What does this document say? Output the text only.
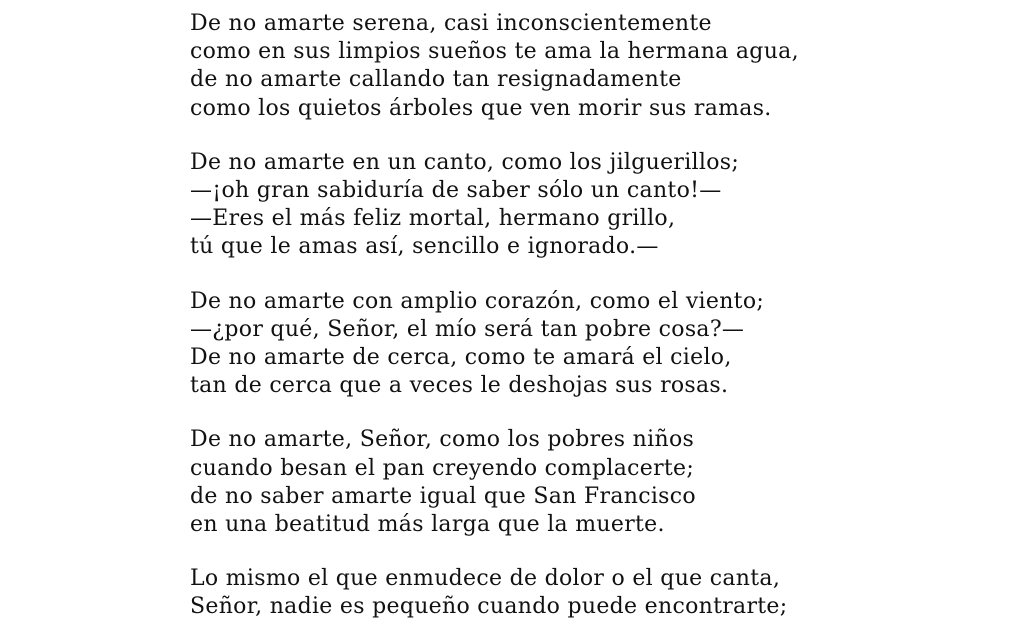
De no amarte serena, casi inconscientemente
como en sus limpios sueños te ama la hermana agua,
de no amarte callando tan resignadamente
como los quietos árboles que ven morir sus ramas.
De no amarte en un canto, como los jilguerillos;
—¡oh gran sabiduría de saber sólo un canto!—
—Eres el más feliz mortal, hermano grillo,
tú que le amas así, sencillo e ignorado.—
De no amarte con amplio corazón, como el viento;
—¿por qué, Señor, el mío será tan pobre cosa?—
De no amarte de cerca, como te amará el cielo,
tan de cerca que a veces le deshojas sus rosas.
De no amarte, Señor, como los pobres niños
cuando besan el pan creyendo complacerte;
de no saber amarte igual que San Francisco
en una beatitud más larga que la muerte.
Lo mismo el que enmudece de dolor o el que canta,
Señor, nadie es pequeño cuando puede encontrarte;
